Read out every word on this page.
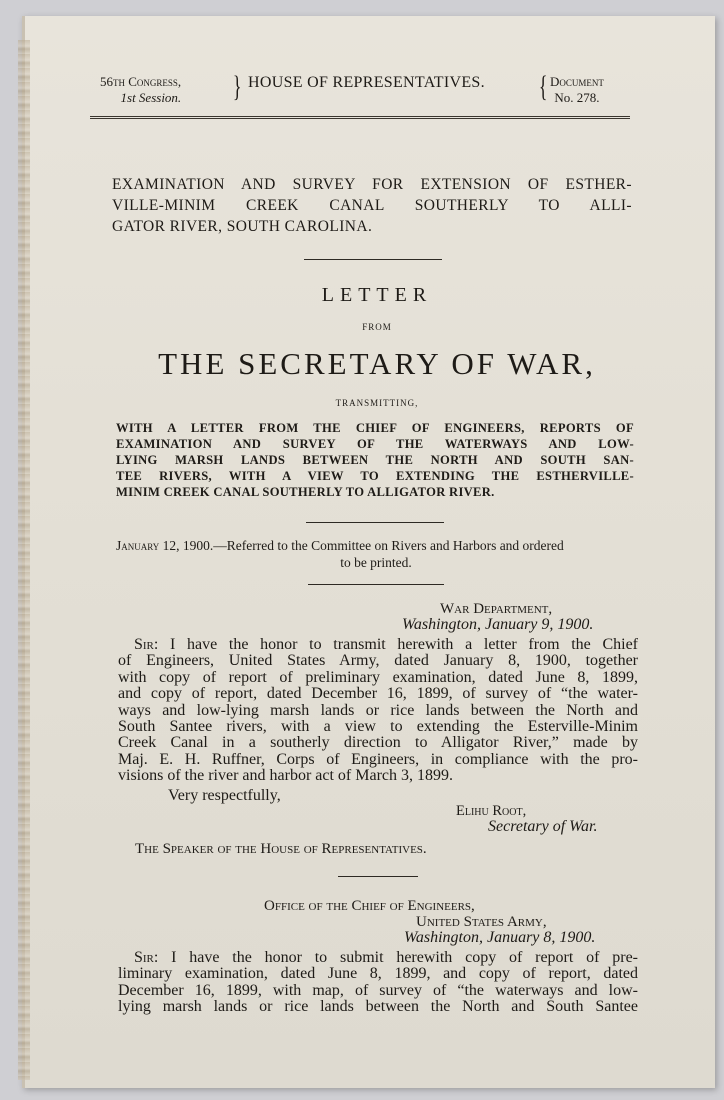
56th Congress,
1st Session. } HOUSE OF REPRESENTATIVES. { Document
No. 278.
EXAMINATION AND SURVEY FOR EXTENSION OF ESTHER-
VILLE-MINIM CREEK CANAL SOUTHERLY TO ALLI-
GATOR RIVER, SOUTH CAROLINA.
LETTER
FROM
THE SECRETARY OF WAR,
TRANSMITTING,
WITH A LETTER FROM THE CHIEF OF ENGINEERS, REPORTS OF
EXAMINATION AND SURVEY OF THE WATERWAYS AND LOW-
LYING MARSH LANDS BETWEEN THE NORTH AND SOUTH SAN-
TEE RIVERS, WITH A VIEW TO EXTENDING THE ESTHERVILLE-
MINIM CREEK CANAL SOUTHERLY TO ALLIGATOR RIVER.
January 12, 1900.—Referred to the Committee on Rivers and Harbors and ordered
to be printed.
War Department,
Washington, January 9, 1900.
Sir: I have the honor to transmit herewith a letter from the Chief
of Engineers, United States Army, dated January 8, 1900, together
with copy of report of preliminary examination, dated June 8, 1899,
and copy of report, dated December 16, 1899, of survey of “the water-
ways and low-lying marsh lands or rice lands between the North and
South Santee rivers, with a view to extending the Esterville-Minim
Creek Canal in a southerly direction to Alligator River,” made by
Maj. E. H. Ruffner, Corps of Engineers, in compliance with the pro-
visions of the river and harbor act of March 3, 1899.
Very respectfully,
Elihu Root,
Secretary of War.
The Speaker of the House of Representatives.
Office of the Chief of Engineers,
United States Army,
Washington, January 8, 1900.
Sir: I have the honor to submit herewith copy of report of pre-
liminary examination, dated June 8, 1899, and copy of report, dated
December 16, 1899, with map, of survey of “the waterways and low-
lying marsh lands or rice lands between the North and South Santee
